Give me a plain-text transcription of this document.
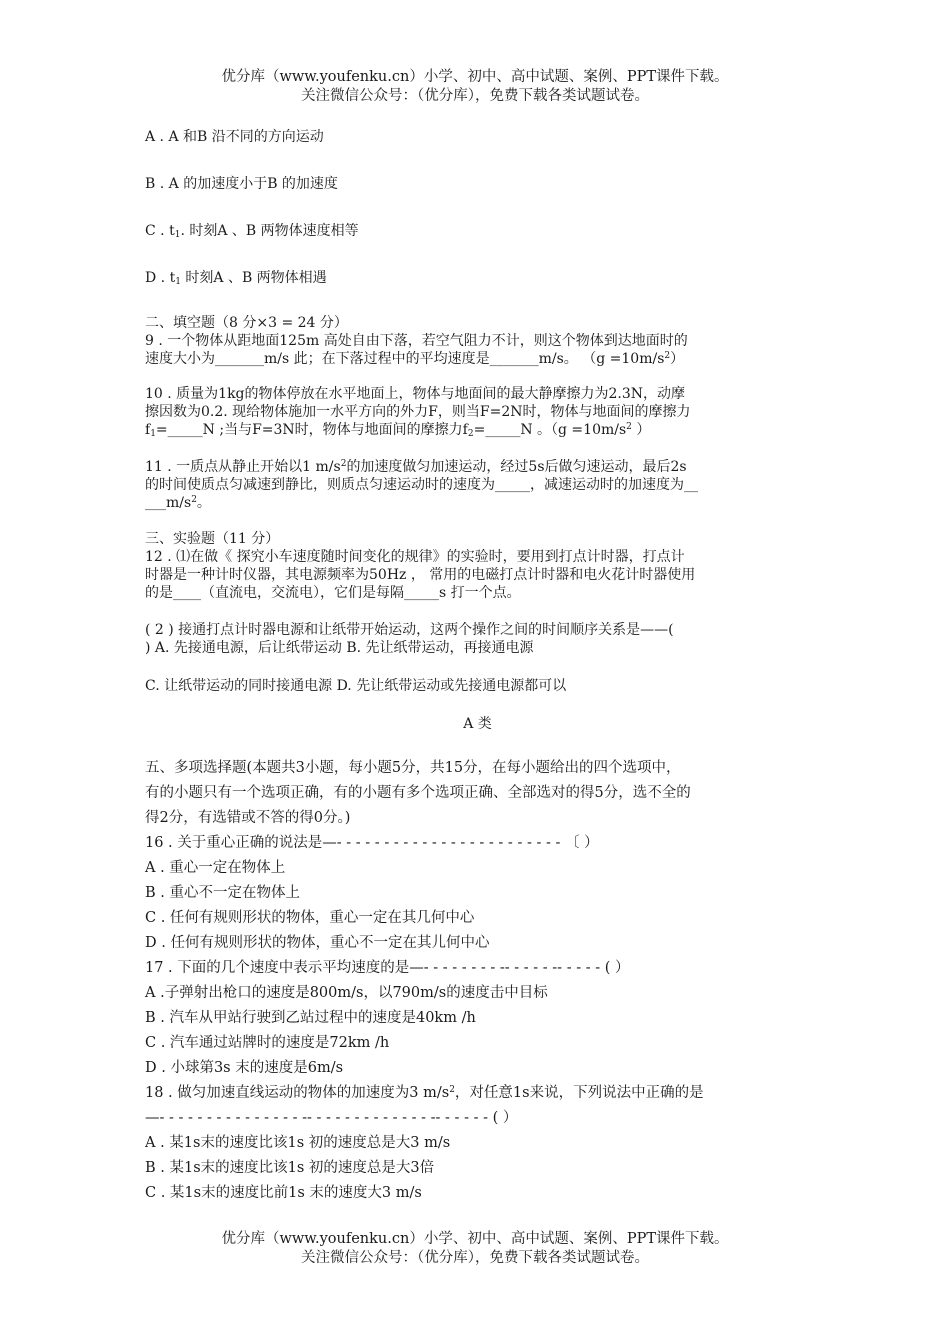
优分库（www.youfenku.cn）小学、初中、高中试题、案例、PPT课件下载。
关注微信公众号：（优分库），免费下载各类试题试卷。
A . A 和B 沿不同的方向运动
B . A 的加速度小于B 的加速度
C . $t_1$. 时刻A 、B 两物体速度相等
D . $t_1$ 时刻A 、B 两物体相遇
二、填空题（8 分×3 = 24 分）
9 . 一个物体从距地面125m 高处自由下落，若空气阻力不计，则这个物体到达地面时的
速度大小为_______m/s 此；在下落过程中的平均速度是_______m/s。 $(g =10m/s^2)$
10 . 质量为1kg的物体停放在水平地面上，物体与地面间的最大静摩擦力为2.3N，动摩
擦因数为0.2. 现给物体施加一水平方向的外力F，则当F=2N时，物体与地面间的摩擦力
$f_1=\_\_\_\_\_N$ ;当与F=3N时，物体与地面间的摩擦力$f_2=\_\_\_\_\_N$ 。（$g =10m/s^2$ ）
11 . 一质点从静止开始以1 $m/s^2$的加速度做匀加速运动，经过5s后做匀速运动，最后2s
的时间使质点匀减速到静比，则质点匀速运动时的速度为_____，减速运动时的加速度为__
$\_\_\_m/s^2$。
三、实验题（11 分）
12 . ⑴在做《 探究小车速度随时间变化的规律》的实验时，要用到打点计时器，打点计
时器是一种计时仪器，其电源频率为50Hz ， 常用的电磁打点计时器和电火花计时器使用
的是____（直流电，交流电），它们是每隔_____s 打一个点。
( 2 ) 接通打点计时器电源和让纸带开始运动，这两个操作之间的时间顺序关系是——(
) A. 先接通电源，后让纸带运动 B. 先让纸带运动，再接通电源
C. 让纸带运动的同时接通电源 D. 先让纸带运动或先接通电源都可以
A 类
五、多项选择题(本题共3小题，每小题5分，共15分，在每小题给出的四个选项中，
有的小题只有一个选项正确，有的小题有多个选项正确、全部选对的得5分，选不全的
得2分，有选错或不答的得0分。)
16 . 关于重心正确的说法是—- - - - - - - - - - - - - - - - - - - - - - - - 〔 ）
A . 重心一定在物体上
B . 重心不一定在物体上
C . 任何有规则形状的物体，重心一定在其几何中心
D . 任何有规则形状的物体，重心不一定在其儿何中心
17 . 下面的几个速度中表示平均速度的是—- - - - - - - - -- - - - - -- - - - - ( ）
A .子弹射出枪口的速度是800m/s，以790m/s的速度击中目标
B . 汽车从甲站行驶到乙站过程中的速度是40km /h
C . 汽车通过站牌时的速度是72km /h
D . 小球第3s 末的速度是6m/s
18 . 做匀加速直线运动的物体的加速度为3 $m/s^2$，对任意1s来说，下列说法中正确的是
—- - - - - - - - - - - - - - - -- - - - - - - - - - - - - -- - - - - - ( ）
A . 某1s末的速度比该1s 初的速度总是大3 m/s
B . 某1s末的速度比该1s 初的速度总是大3倍
C . 某1s末的速度比前1s 末的速度大3 m/s
优分库（www.youfenku.cn）小学、初中、高中试题、案例、PPT课件下载。
关注微信公众号：（优分库），免费下载各类试题试卷。
